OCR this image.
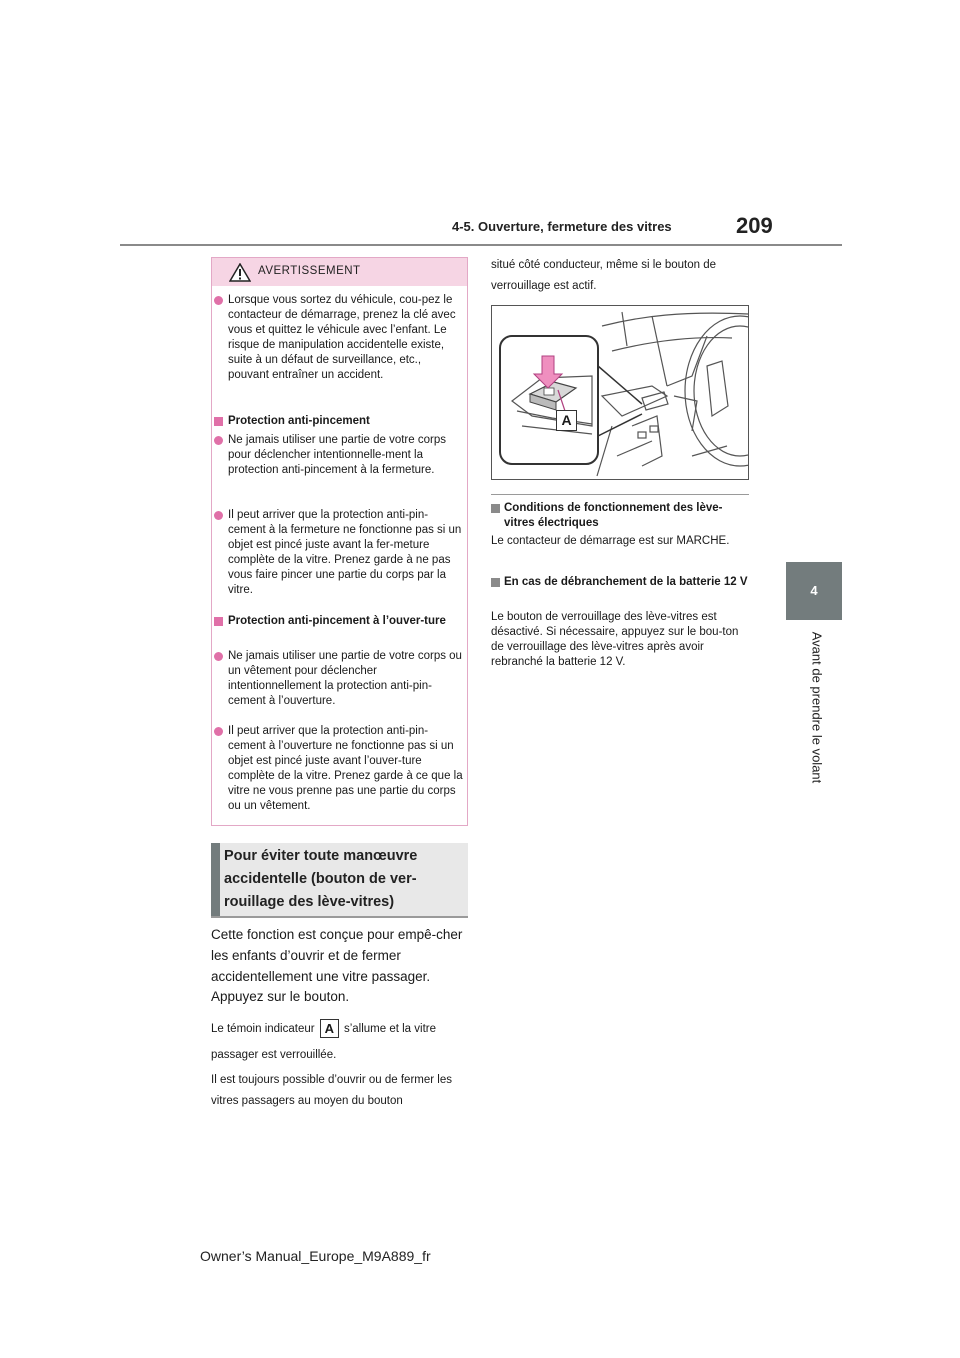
4-5. Ouverture, fermeture des vitres	209
4
Avant de prendre le volant
AVERTISSEMENT
Lorsque vous sortez du véhicule, cou-pez le contacteur de démarrage, prenez la clé avec vous et quittez le véhicule avec l’enfant. Le risque de manipulation accidentelle existe, suite à un défaut de surveillance, etc., pouvant entraîner un accident.
Protection anti-pincement
Ne jamais utiliser une partie de votre corps pour déclencher intentionnelle-ment la protection anti-pincement à la fermeture.
Il peut arriver que la protection anti-pin-cement à la fermeture ne fonctionne pas si un objet est pincé juste avant la fer-meture complète de la vitre. Prenez garde à ne pas vous faire pincer une partie du corps par la vitre.
Protection anti-pincement à l’ouver-ture
Ne jamais utiliser une partie de votre corps ou un vêtement pour déclencher intentionnellement la protection anti-pin-cement à l’ouverture.
Il peut arriver que la protection anti-pin-cement à l’ouverture ne fonctionne pas si un objet est pincé juste avant l’ouver-ture complète de la vitre. Prenez garde à ce que la vitre ne vous prenne pas une partie du corps ou un vêtement.
Pour éviter toute manœuvre accidentelle (bouton de ver-rouillage des lève-vitres)
Cette fonction est conçue pour empê-cher les enfants d’ouvrir et de fermer accidentellement une vitre passager.
Appuyez sur le bouton.
Le témoin indicateur A s’allume et la vitre passager est verrouillée.
Il est toujours possible d’ouvrir ou de fermer les vitres passagers au moyen du bouton
situé côté conducteur, même si le bouton de verrouillage est actif.
A
Conditions de fonctionnement des lève-vitres électriques
Le contacteur de démarrage est sur MARCHE.
En cas de débranchement de la batterie 12 V
Le bouton de verrouillage des lève-vitres est désactivé. Si nécessaire, appuyez sur le bou-ton de verrouillage des lève-vitres après avoir rebranché la batterie 12 V.
Owner’s Manual_Europe_M9A889_fr
